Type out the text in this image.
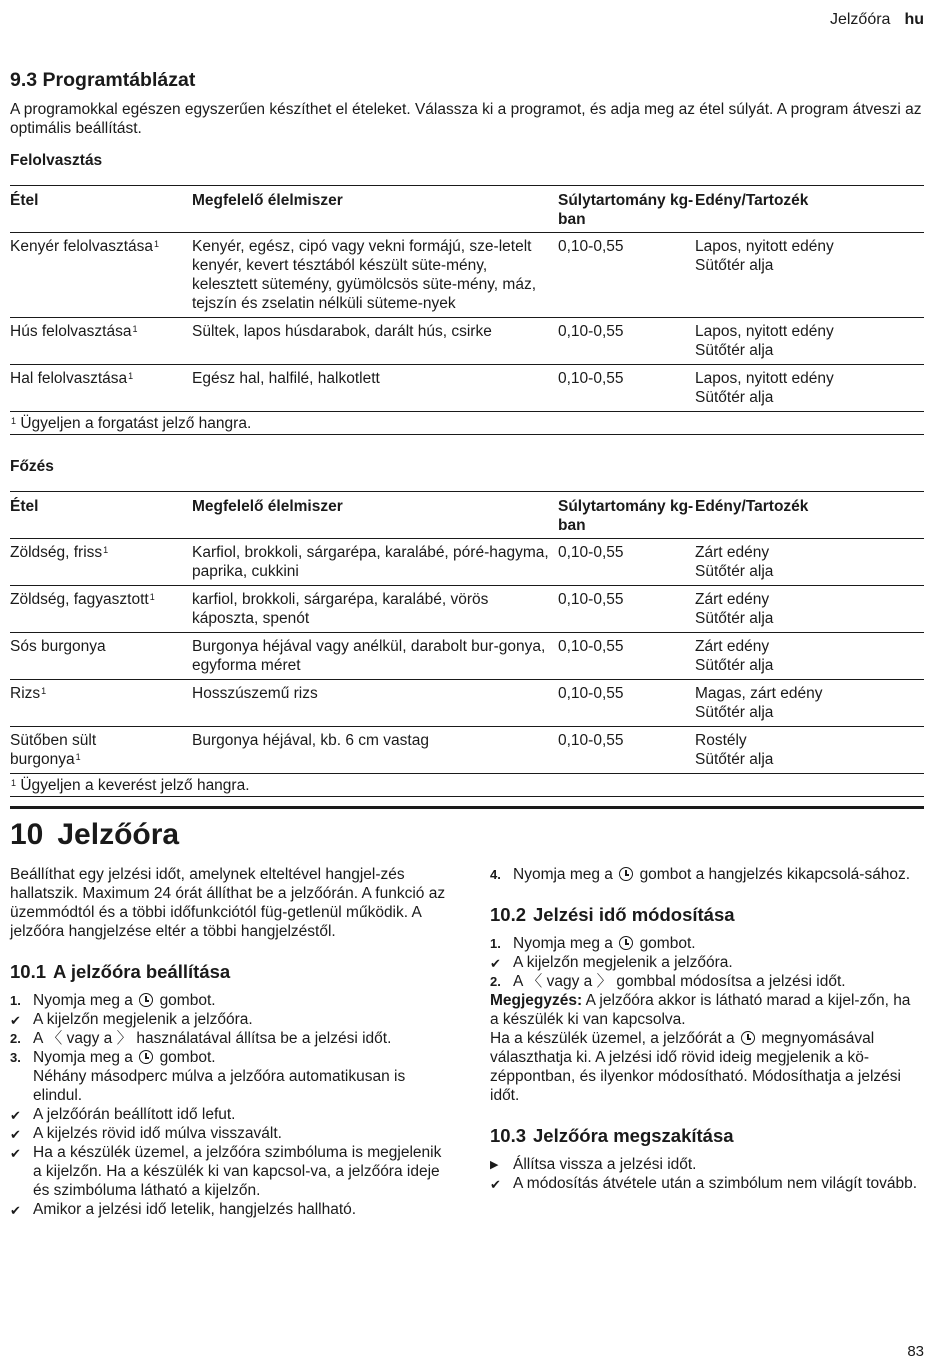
Jelzőóra hu
9.3 Programtáblázat

A programokkal egészen egyszerűen készíthet el ételeket. Válassza ki a programot, és adja meg az étel súlyát. A program átveszi az optimális beállítást.

Felolvasztás
Étel	Megfelelő élelmiszer	Súlytartomány kg-ban	Edény/Tartozék
Kenyér felolvasztása$^1$	Kenyér, egész, cipó vagy vekni formájú, sze-letelt kenyér, kevert tésztából készült süte-mény, kelesztett sütemény, gyümölcsös süte-mény, máz, tejszín és zselatin nélküli süteme-nyek	0,10-0,55	Lapos, nyitott edény
Sütőtér alja

Hús felolvasztása$^1$	Sültek, lapos húsdarabok, darált hús, csirke	0,10-0,55	Lapos, nyitott edény
Sütőtér alja

Hal felolvasztása$^1$	Egész hal, halfilé, halkotlett	0,10-0,55	Lapos, nyitott edény
Sütőtér alja

$^1$ Ügyeljen a forgatást jelző hangra.			
Főzés
Étel	Megfelelő élelmiszer	Súlytartomány kg-ban	Edény/Tartozék
Zöldség, friss$^1$	Karfiol, brokkoli, sárgarépa, karalábé, póré-hagyma, paprika, cukkini	0,10-0,55	Zárt edény
Sütőtér alja

Zöldség, fagyasztott$^1$	karfiol, brokkoli, sárgarépa, karalábé, vörös káposzta, spenót	0,10-0,55	Zárt edény
Sütőtér alja

Sós burgonya	Burgonya héjával vagy anélkül, darabolt bur-gonya, egyforma méret	0,10-0,55	Zárt edény
Sütőtér alja

Rizs$^1$	Hosszúszemű rizs	0,10-0,55	Magas, zárt edény
Sütőtér alja

Sütőben sült burgonya$^1$	Burgonya héjával, kb. 6 cm vastag	0,10-0,55	Rostély
Sütőtér alja

$^1$ Ügyeljen a keverést jelző hangra.			
10 Jelzőóra

Beállíthat egy jelzési időt, amelynek elteltével hangjel-zés hallatszik. Maximum 24 órát állíthat be a jelzőórán. A funkció az üzemmódtól és a többi időfunkciótól füg-getlenül működik. A jelzőóra hangjelzése eltér a többi hangjelzéstől.

10.1 A jelzőóra beállítása
1. Nyomja meg a gombot.
✔ A kijelzőn megjelenik a jelzőóra.
2. A 〈 vagy a 〉 használatával állítsa be a jelzési időt.
3. Nyomja meg a gombot.
Néhány másodperc múlva a jelzőóra automatikusan is elindul.
✔ A jelzőórán beállított idő lefut.
✔ A kijelzés rövid idő múlva visszavált.
✔ Ha a készülék üzemel, a jelzőóra szimbóluma is megjelenik a kijelzőn. Ha a készülék ki van kapcsol-va, a jelzőóra ideje és szimbóluma látható a kijelzőn.
✔ Amikor a jelzési idő letelik, hangjelzés hallható.
4. Nyomja meg a gombot a hangjelzés kikapcsolá-sához.
10.2 Jelzési idő módosítása
1. Nyomja meg a gombot.
✔ A kijelzőn megjelenik a jelzőóra.
2. A 〈 vagy a 〉 gombbal módosítsa a jelzési időt.

Megjegyzés: A jelzőóra akkor is látható marad a kijel-zőn, ha a készülék ki van kapcsolva.

Ha a készülék üzemel, a jelzőórát a megnyomásával választhatja ki. A jelzési idő rövid ideig megjelenik a kö-zéppontban, és ilyenkor módosítható. Módosíthatja a jelzési időt.

10.3 Jelzőóra megszakítása
▶ Állítsa vissza a jelzési időt.
✔ A módosítás átvétele után a szimbólum nem világít tovább.
83
